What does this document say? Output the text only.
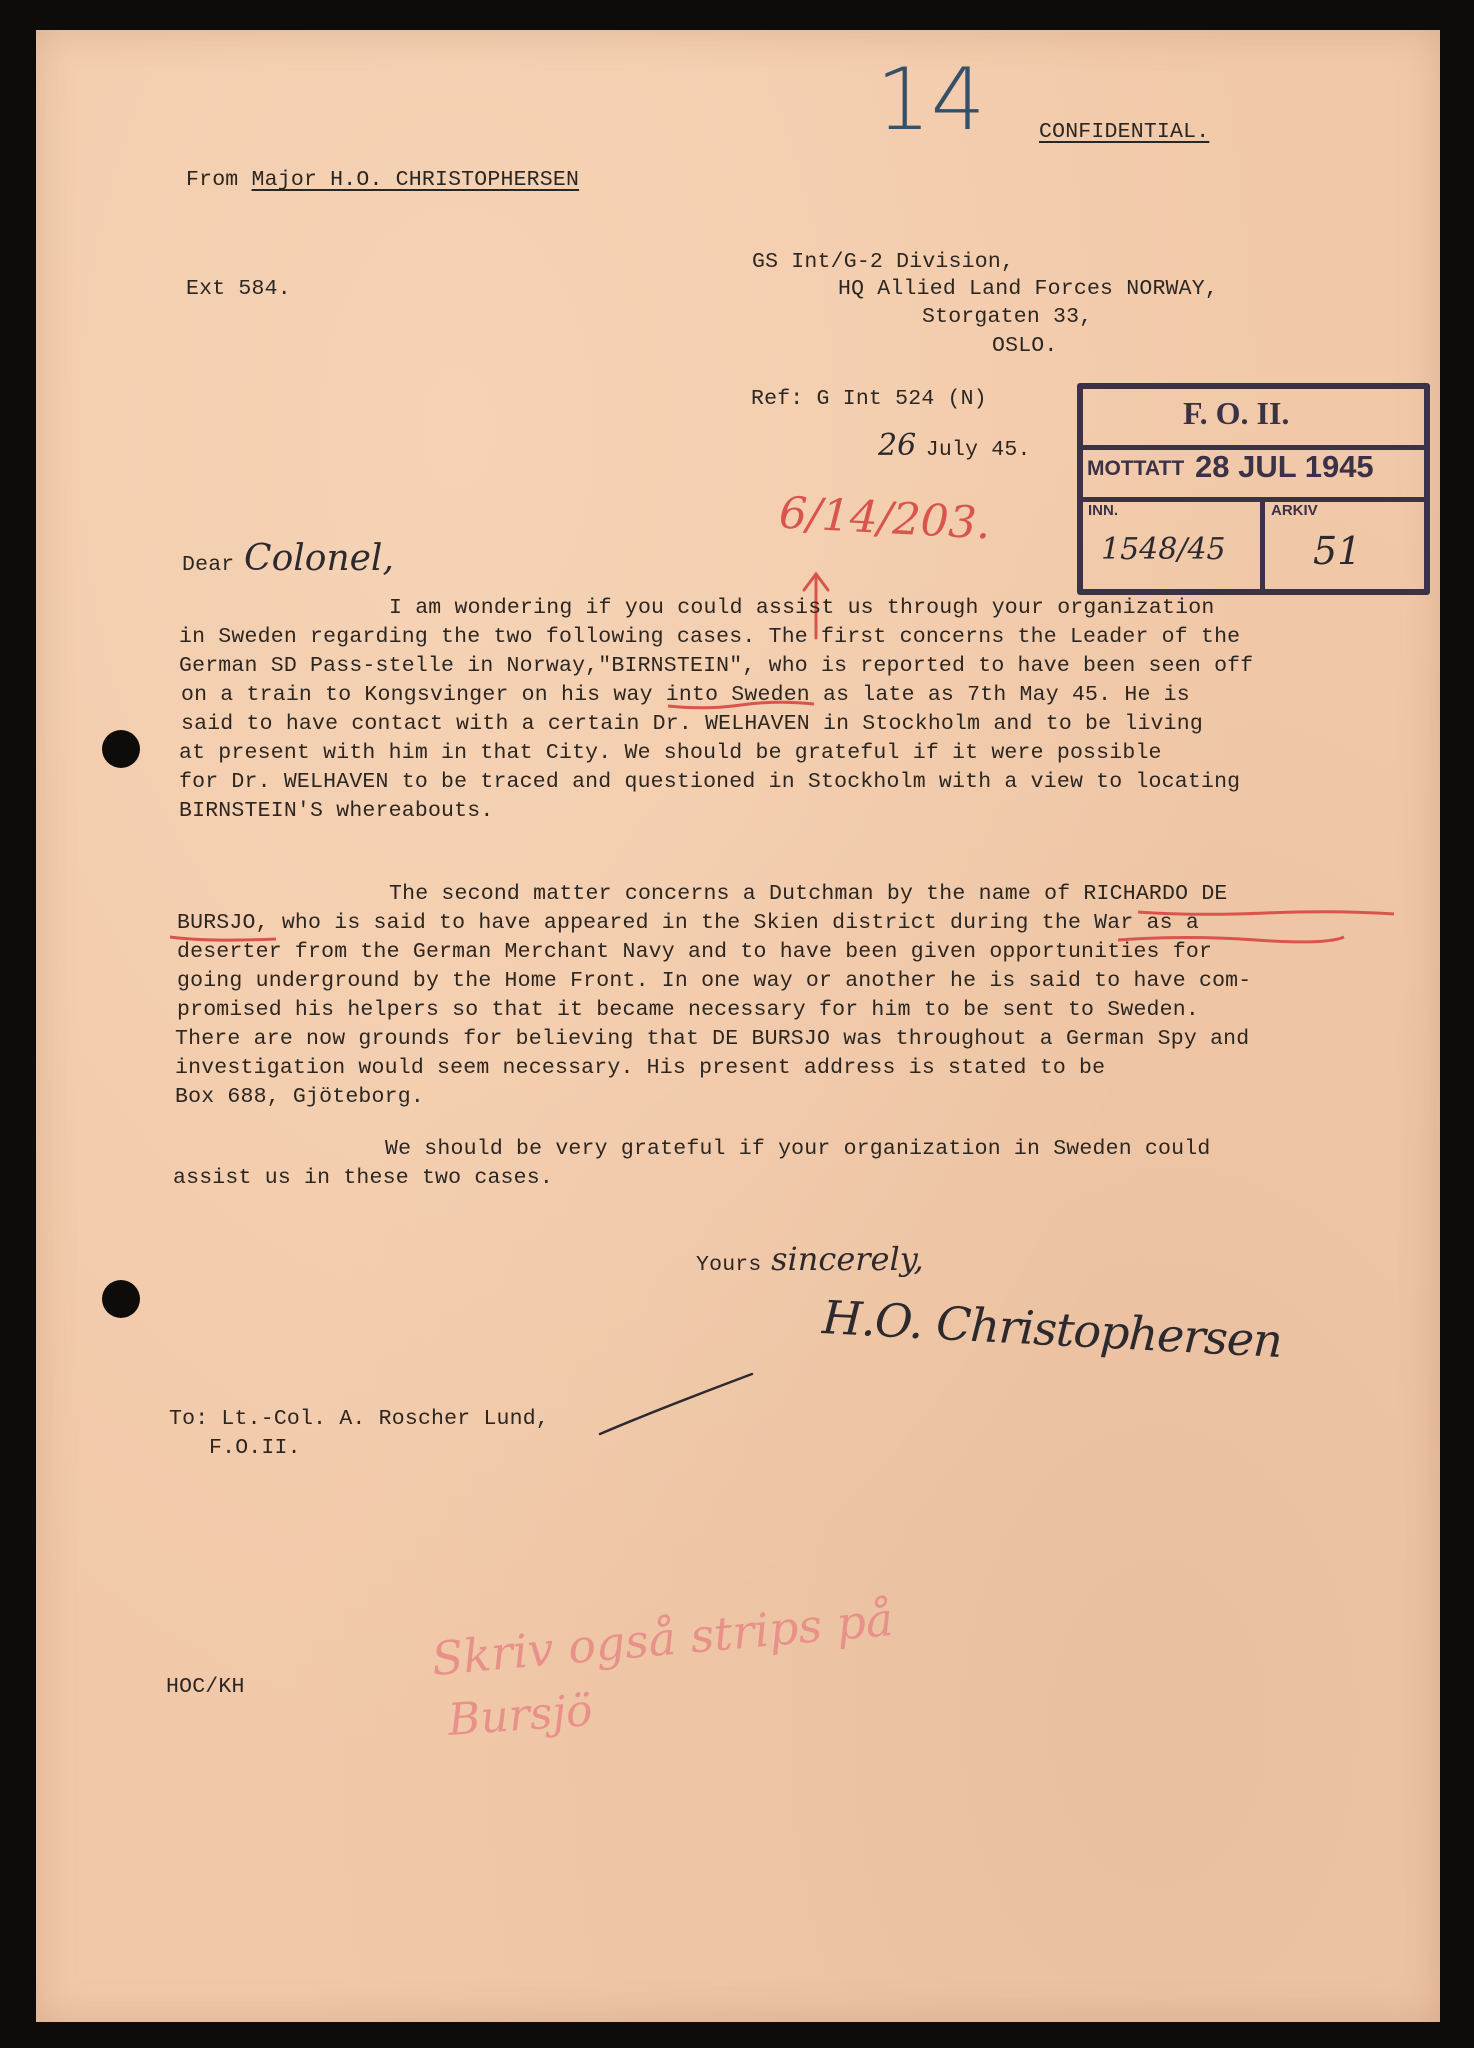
14 CONFIDENTIAL.
From Major H.O. CHRISTOPHERSEN
Ext 584.
GS Int/G-2 Division,
HQ Allied Land Forces NORWAY,
Storgaten 33,
OSLO.
Ref: G Int 524 (N)
26 July 45.
F. O. II.
MOTTATT 28 JUL 1945
INN.	ARKIV
1548/45 51
6/14/203.
Dear Colonel,
I am wondering if you could assist us through your organization
in Sweden regarding the two following cases. The first concerns the Leader of the
German SD Pass-stelle in Norway,"BIRNSTEIN", who is reported to have been seen off
on a train to Kongsvinger on his way into Sweden as late as 7th May 45. He is
said to have contact with a certain Dr. WELHAVEN in Stockholm and to be living
at present with him in that City. We should be grateful if it were possible
for Dr. WELHAVEN to be traced and questioned in Stockholm with a view to locating
BIRNSTEIN'S whereabouts.
The second matter concerns a Dutchman by the name of RICHARDO DE
BURSJO, who is said to have appeared in the Skien district during the War as a
deserter from the German Merchant Navy and to have been given opportunities for
going underground by the Home Front. In one way or another he is said to have com-
promised his helpers so that it became necessary for him to be sent to Sweden.
There are now grounds for believing that DE BURSJO was throughout a German Spy and
investigation would seem necessary. His present address is stated to be
Box 688, Gjöteborg.
We should be very grateful if your organization in Sweden could
assist us in these two cases.
Yours sincerely,
H.O. Christophersen
To: Lt.-Col. A. Roscher Lund,
F.O.II.
Skriv også strips på
Bursjö
HOC/KH
